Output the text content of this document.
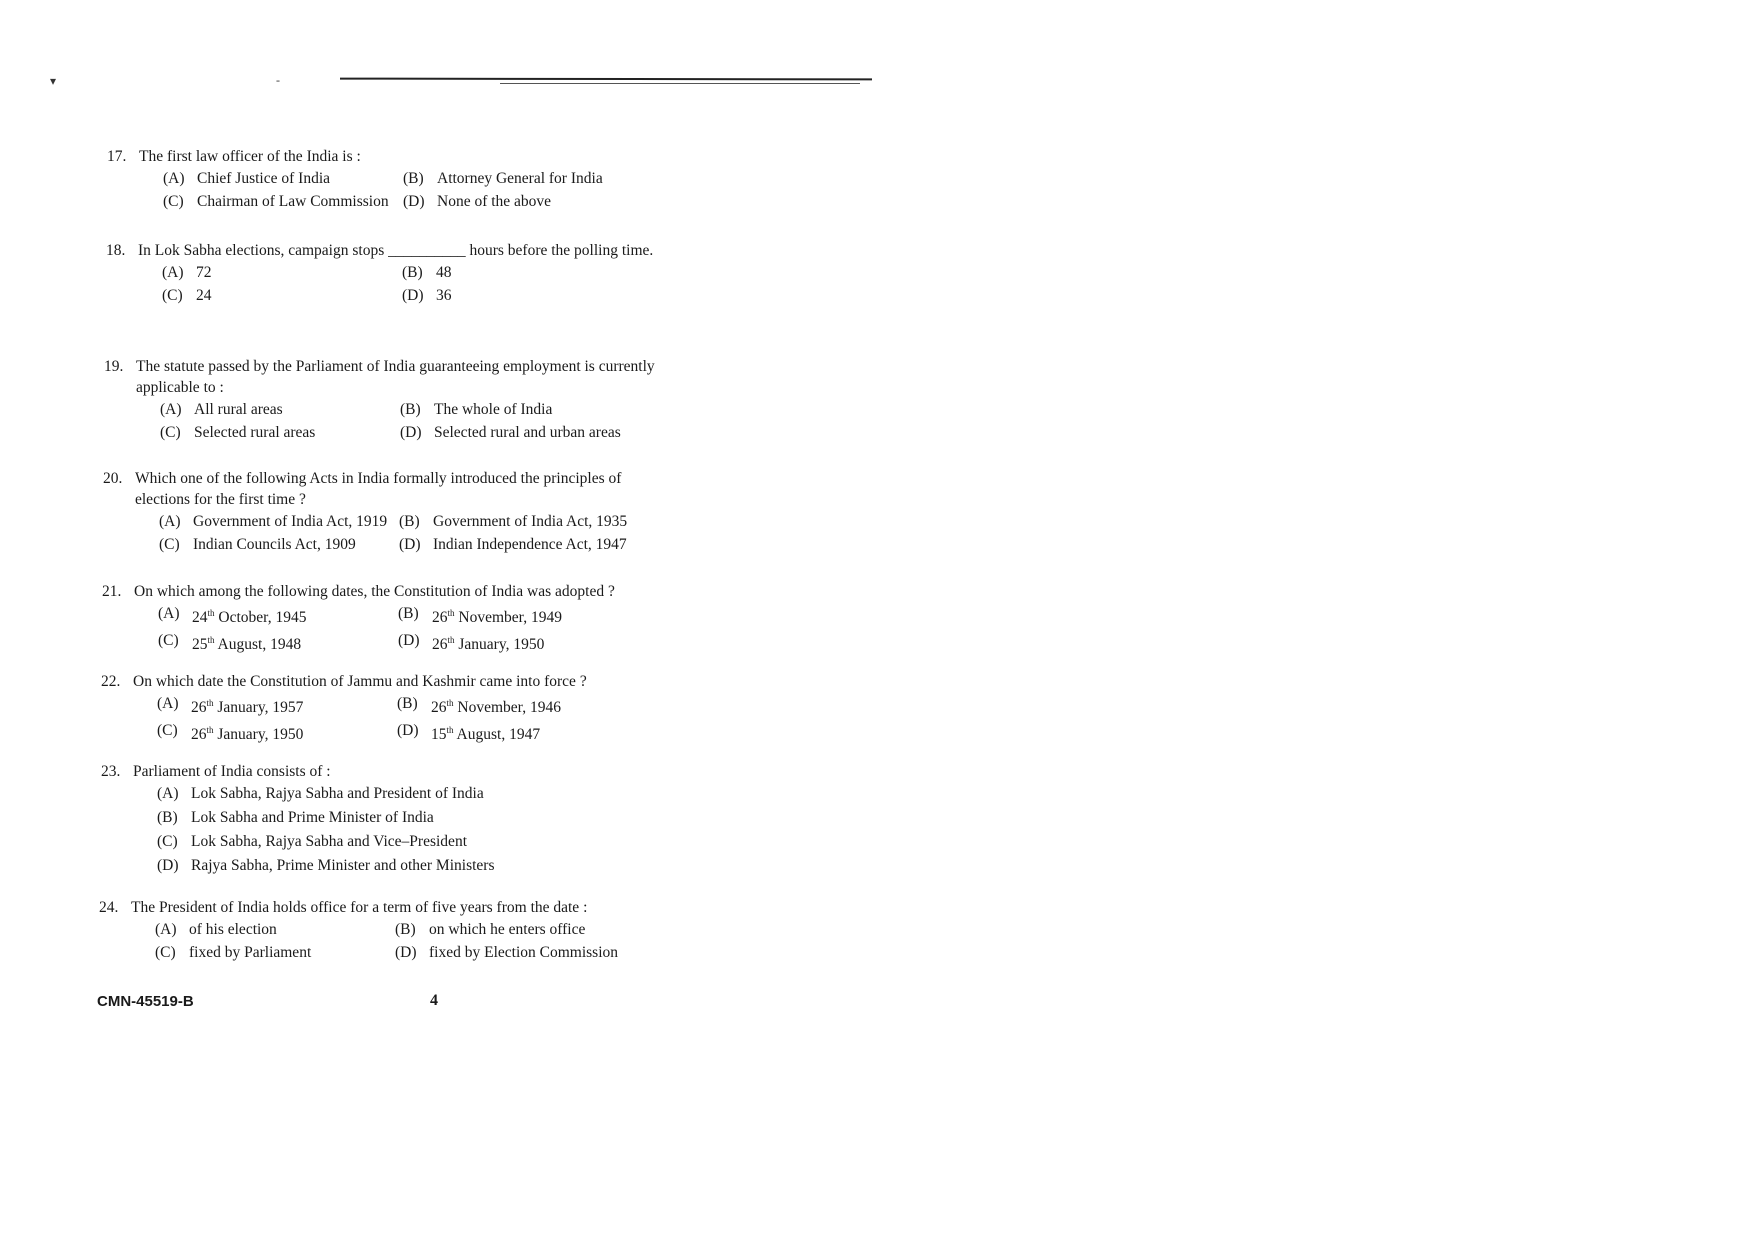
▾	-
17. The first law officer of the India is :
(A) Chief Justice of India	(B) Attorney General for India
(C) Chairman of Law Commission (D) None of the above
18. In Lok Sabha elections, campaign stops __________ hours before the polling time.
(A) 72	(B) 48
(C) 24	(D) 36
19. The statute passed by the Parliament of India guaranteeing employment is currently applicable to :
(A) All rural areas	(B) The whole of India
(C) Selected rural areas	(D) Selected rural and urban areas
20. Which one of the following Acts in India formally introduced the principles of elections for the first time ?
(A) Government of India Act, 1919 (B) Government of India Act, 1935
(C) Indian Councils Act, 1909	(D) Indian Independence Act, 1947
21. On which among the following dates, the Constitution of India was adopted ?
(A) 24th October, 1945	(B) 26th November, 1949
(C) 25th August, 1948	(D) 26th January, 1950
22. On which date the Constitution of Jammu and Kashmir came into force ?
(A) 26th January, 1957	(B) 26th November, 1946
(C) 26th January, 1950	(D) 15th August, 1947
23. Parliament of India consists of :
(A) Lok Sabha, Rajya Sabha and President of India
(B) Lok Sabha and Prime Minister of India
(C) Lok Sabha, Rajya Sabha and Vice–President
(D) Rajya Sabha, Prime Minister and other Ministers
24. The President of India holds office for a term of five years from the date :
(A) of his election	(B) on which he enters office
(C) fixed by Parliament	(D) fixed by Election Commission
CMN-45519-B	4
